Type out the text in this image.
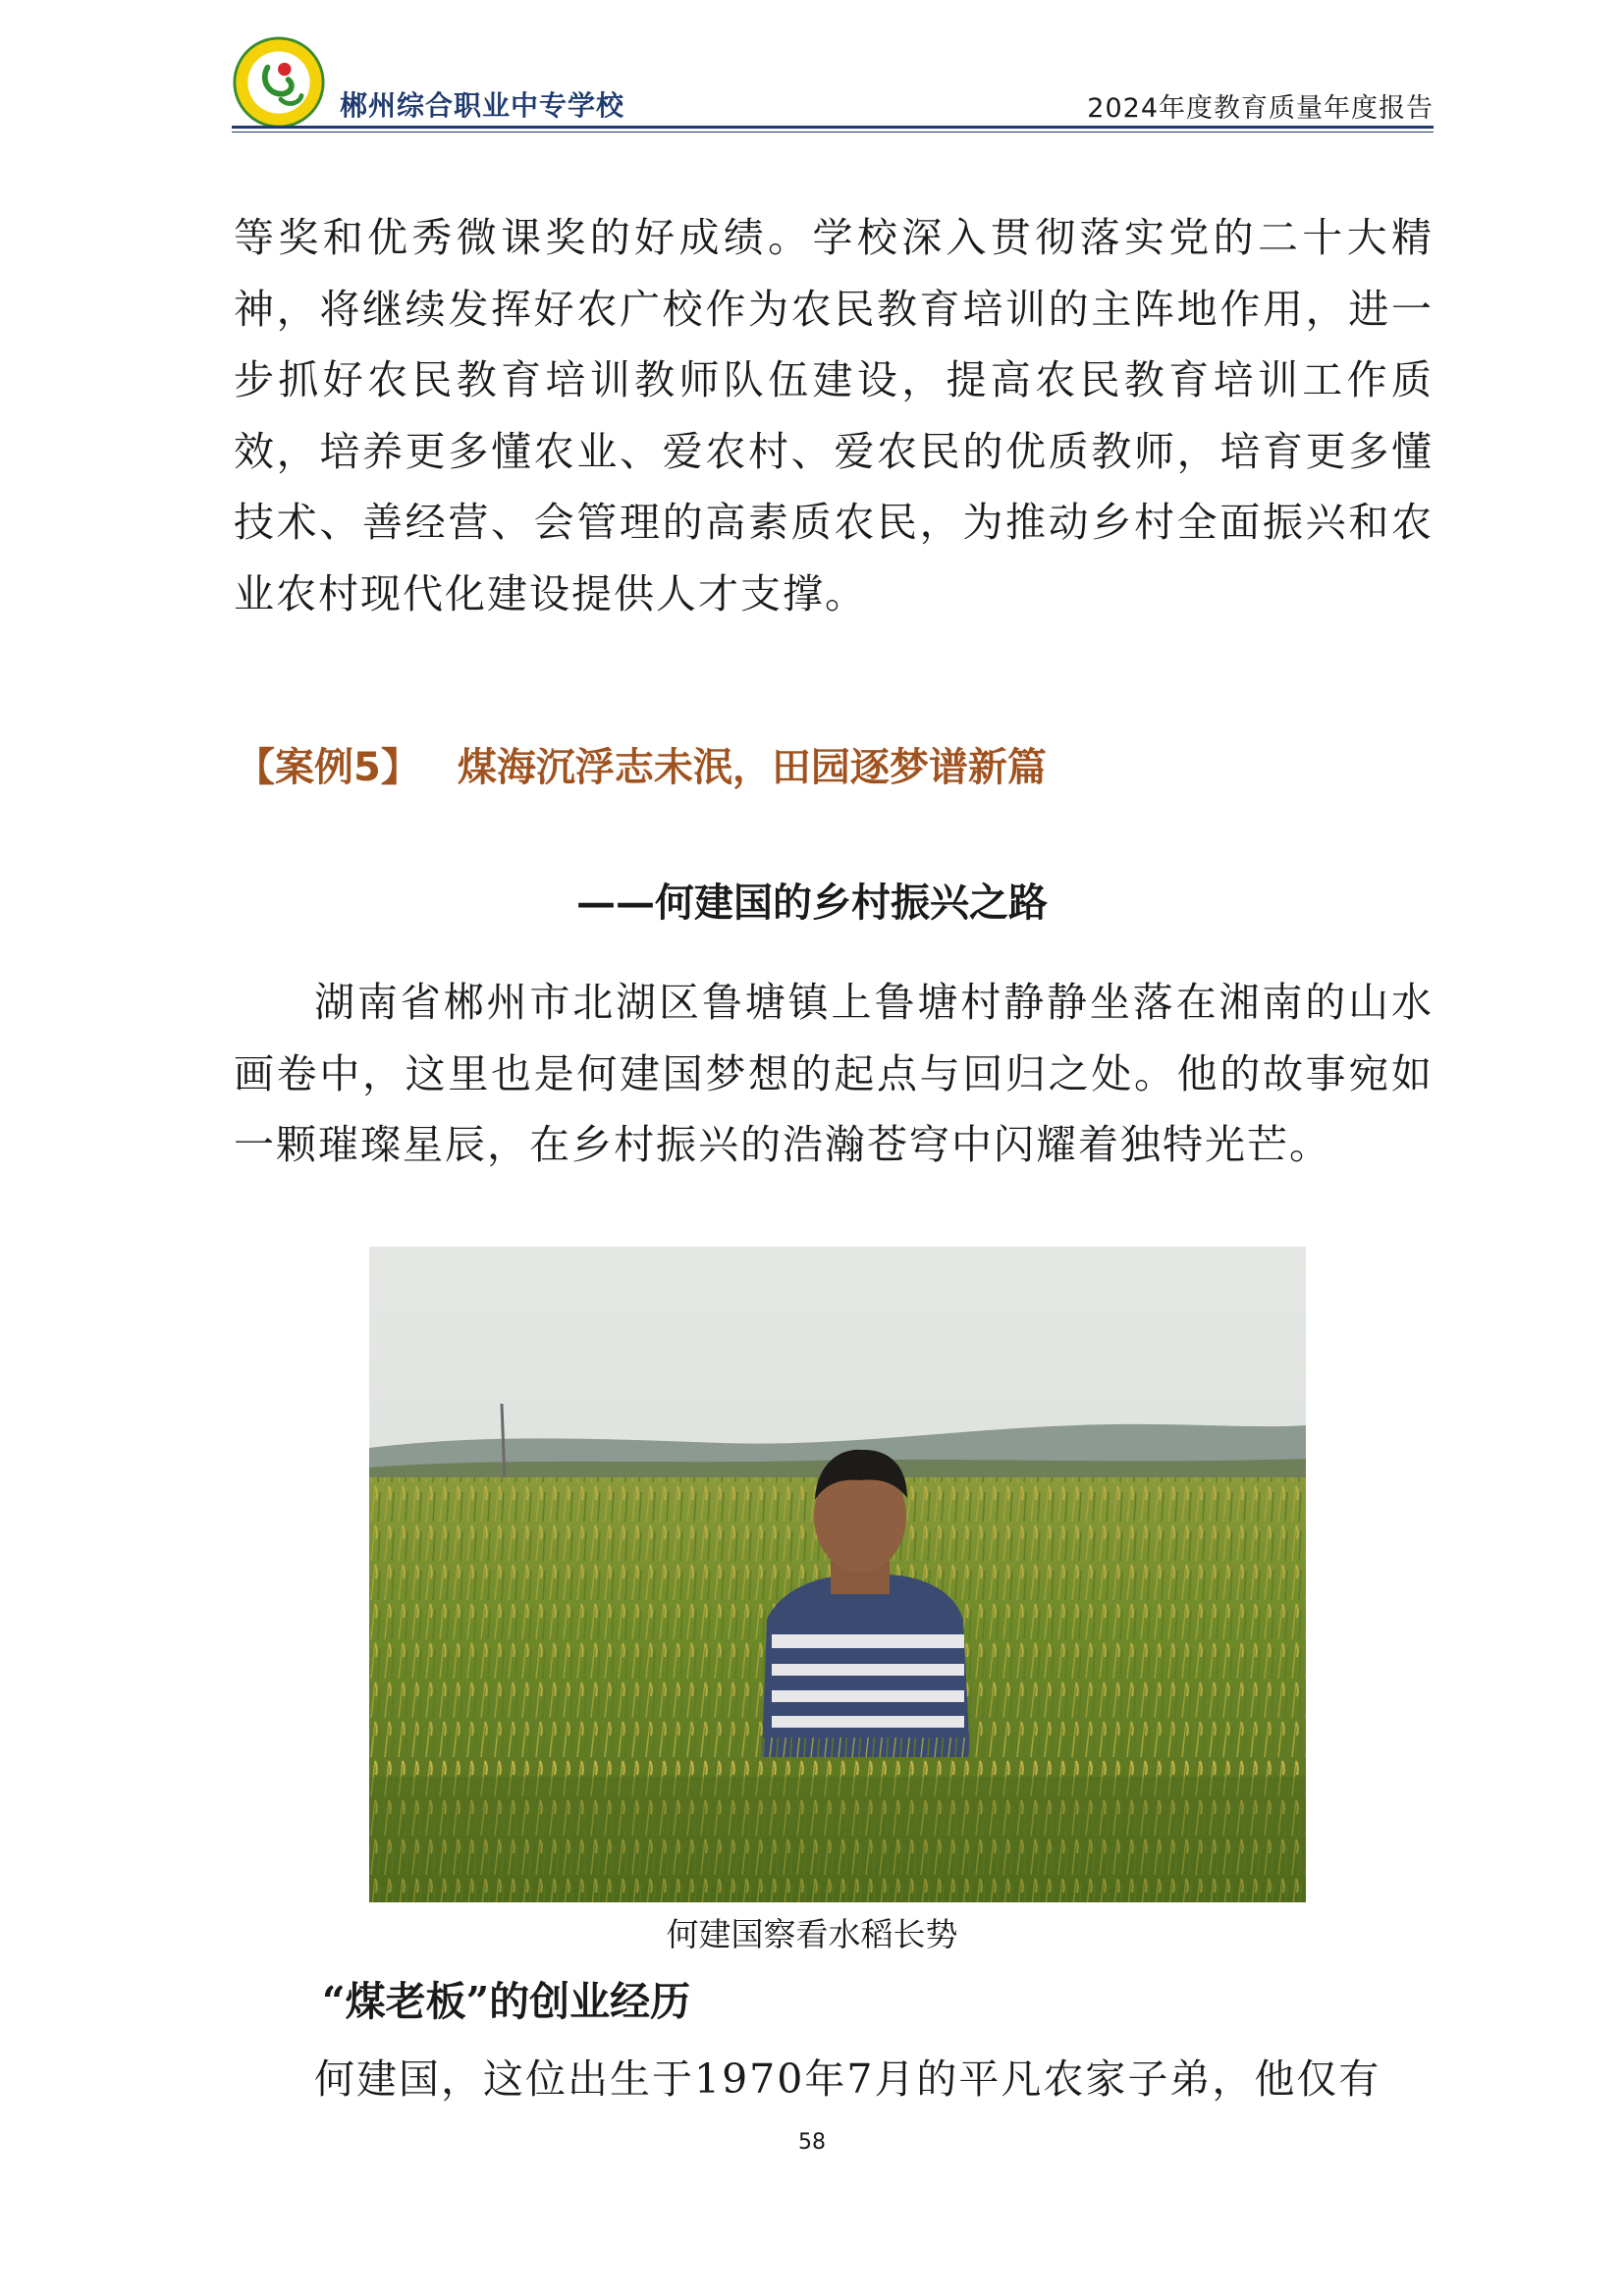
郴州综合职业中专学校	2024年度教育质量年度报告

等奖和优秀微课奖的好成绩。学校深入贯彻落实党的二十大精神，将继续发挥好农广校作为农民教育培训的主阵地作用，进一步抓好农民教育培训教师队伍建设，提高农民教育培训工作质效，培养更多懂农业、爱农村、爱农民的优质教师，培育更多懂技术、善经营、会管理的高素质农民，为推动乡村全面振兴和农业农村现代化建设提供人才支撑。

【案例5】 煤海沉浮志未泯，田园逐梦谱新篇
——何建国的乡村振兴之路

湖南省郴州市北湖区鲁塘镇上鲁塘村静静坐落在湘南的山水画卷中，这里也是何建国梦想的起点与回归之处。他的故事宛如一颗璀璨星辰，在乡村振兴的浩瀚苍穹中闪耀着独特光芒。

何建国察看水稻长势
“煤老板”的创业经历

何建国，这位出生于1970年7月的平凡农家子弟，他仅有

58
